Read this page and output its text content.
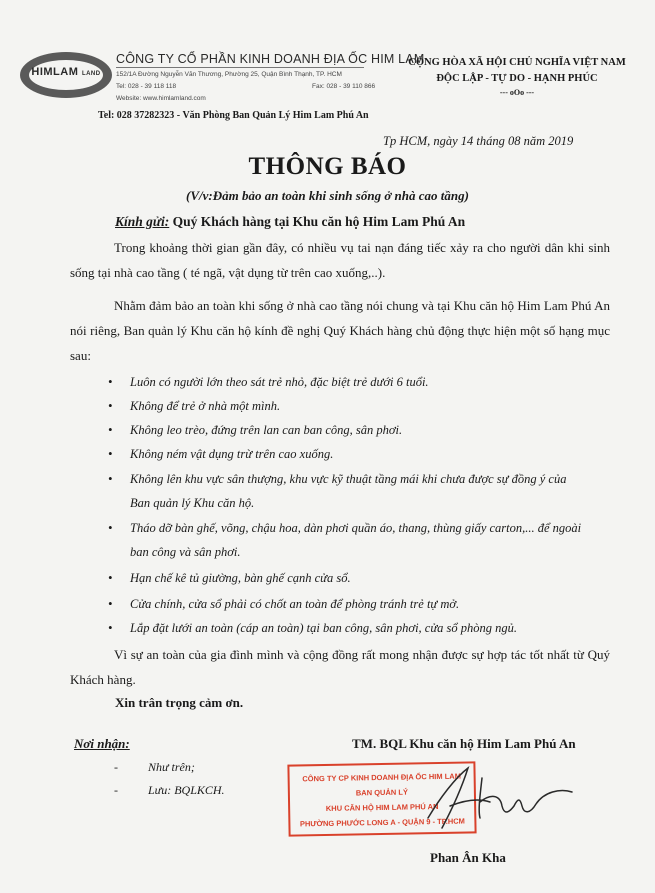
HIMLAM LAND
CÔNG TY CỔ PHẦN KINH DOANH ĐỊA ỐC HIM LAM
152/1A Đường Nguyễn Văn Thương, Phường 25, Quận Bình Thạnh, TP. HCM
Tel: 028 - 39 118 118	Fax: 028 - 39 110 866
Website: www.himlamland.com
Tel: 028 37282323 - Văn Phòng Ban Quản Lý Him Lam Phú An
CỘNG HÒA XÃ HỘI CHỦ NGHĨA VIỆT NAM
ĐỘC LẬP - TỰ DO - HẠNH PHÚC
--- oOo ---
Tp HCM, ngày 14 tháng 08 năm 2019
THÔNG BÁO
(V/v:Đảm bảo an toàn khi sinh sống ở nhà cao tầng)
Kính gửi: Quý Khách hàng tại Khu căn hộ Him Lam Phú An
Trong khoảng thời gian gần đây, có nhiều vụ tai nạn đáng tiếc xảy ra cho người dân khi sinh sống tại nhà cao tầng ( té ngã, vật dụng từ trên cao xuống,..).
Nhằm đảm bảo an toàn khi sống ở nhà cao tầng nói chung và tại Khu căn hộ Him Lam Phú An nói riêng, Ban quản lý Khu căn hộ kính đề nghị Quý Khách hàng chủ động thực hiện một số hạng mục sau:
•	Luôn có người lớn theo sát trẻ nhỏ, đặc biệt trẻ dưới 6 tuổi.
•	Không để trẻ ở nhà một mình.
•	Không leo trèo, đứng trên lan can ban công, sân phơi.
•	Không ném vật dụng trừ trên cao xuống.
•	Không lên khu vực sân thượng, khu vực kỹ thuật tầng mái khi chưa được sự đồng ý của Ban quản lý Khu căn hộ.
•	Tháo dỡ bàn ghế, võng, chậu hoa, dàn phơi quần áo, thang, thùng giấy carton,... để ngoài ban công và sân phơi.
•	Hạn chế kê tủ giường, bàn ghế cạnh cửa sổ.
•	Cửa chính, cửa sổ phải có chốt an toàn để phòng tránh trẻ tự mở.
•	Lắp đặt lưới an toàn (cáp an toàn) tại ban công, sân phơi, cửa sổ phòng ngủ.
Vì sự an toàn của gia đình mình và cộng đồng rất mong nhận được sự hợp tác tốt nhất từ Quý Khách hàng.
Xin trân trọng cảm ơn.
Nơi nhận:
-	Như trên;
-	Lưu: BQLKCH.
TM. BQL Khu căn hộ Him Lam Phú An
CÔNG TY CP KINH DOANH ĐỊA ỐC HIM LAM
BAN QUẢN LÝ
KHU CĂN HỘ HIM LAM PHÚ AN
PHƯỜNG PHƯỚC LONG A - QUẬN 9 - TP.HCM
Phan Ân Kha
